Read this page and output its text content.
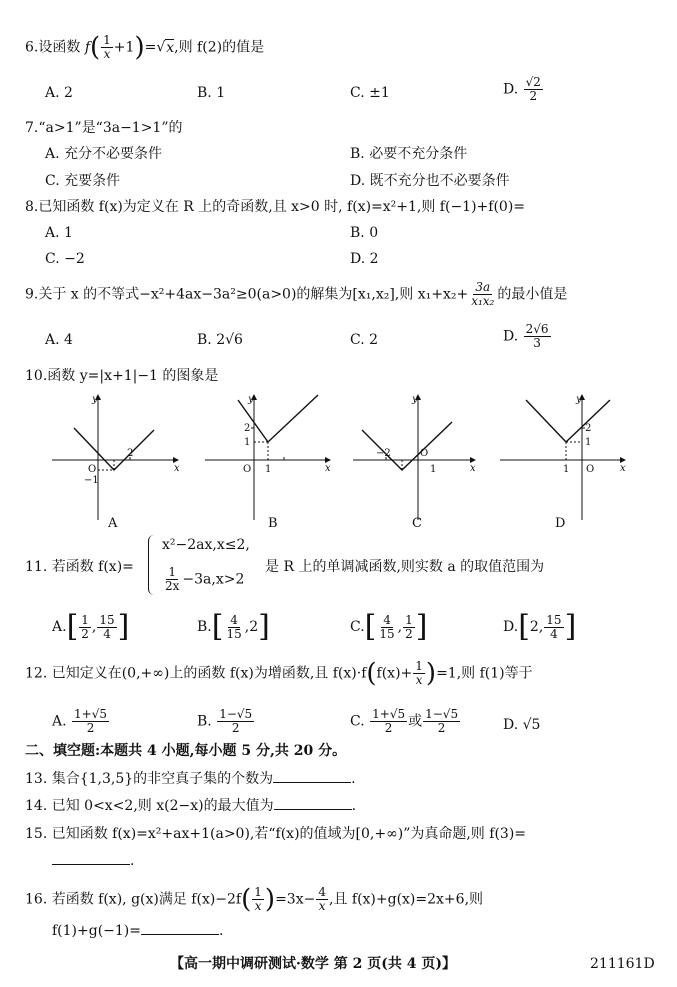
6.设函数 $f( \frac{1}{x} +1)=√x$,则 f(2)的值是
A. 2	B. 1	C. ±1	D. $\frac{√2}{2}$
7.“a>1”是“3a−1>1”的
A. 充分不必要条件	B. 必要不充分条件
C. 充要条件	D. 既不充分也不必要条件
8.已知函数 f(x)为定义在 R 上的奇函数,且 x>0 时, f(x)=x²+1,则 f(−1)+f(0)=
A. 1	B. 0
C. −2	D. 2
9.关于 x 的不等式−x²+4ax−3a²≥0(a>0)的解集为[x₁,x₂],则 $x_1+x_2+ \frac{3a}{\text{x₁x₂}}$ 的最小值是
A. 4	B. 2√6	C. 2	D. $\frac{2√6}{3}$
10.函数 y=|x+1|−1 的图象是
x
y
O
2
−1
x
y
2
1
O 1	x
y
−2	O
1	x
y
2
1
1 O
A	B	C	D
11. 若函数 f(x)=
x²−2ax,x≤2,
$\frac{1}{2x} -3a,x>2$
是 R 上的单调减函数,则实数 a 的取值范围为
$A.[ \frac{1}{2}$ , $\frac{15}{4}$ ]	$B.[ \frac{4}{15} ,2]$	$C.[ \frac{4}{15}$ , $\frac{1}{2}$ ]	D.[2, $\frac{15}{4}$ ]
12. 已知定义在(0,+∞)上的函数 f(x)为增函数,且 $f(x)\cdot f(f(x)+ \frac{1}{x} )=1$,则 f(1)等于
A. $\frac{1+√5}{2}$	B. $\frac{1-√5}{2}$	C. $\frac{1+√5}{2}$ 或 $\frac{1-√5}{2}$	D. √5
二、填空题:本题共 4 小题,每小题 5 分,共 20 分。
13. 集合{1,3,5}的非空真子集的个数为	.
14. 已知 0<x<2,则 x(2−x)的最大值为	.
15. 已知函数 f(x)=x²+ax+1(a>0),若“f(x)的值域为[0,+∞)”为真命题,则 f(3)=
.
16. 若函数 f(x), g(x)满足 $f(x)-2f( \frac{1}{x} )=3x- \frac{4}{x}$ ,且 f(x)+g(x)=2x+6,则
f(1)+g(−1)=	.
【高一期中调研测试·数学 第 2 页(共 4 页)】	211161D
